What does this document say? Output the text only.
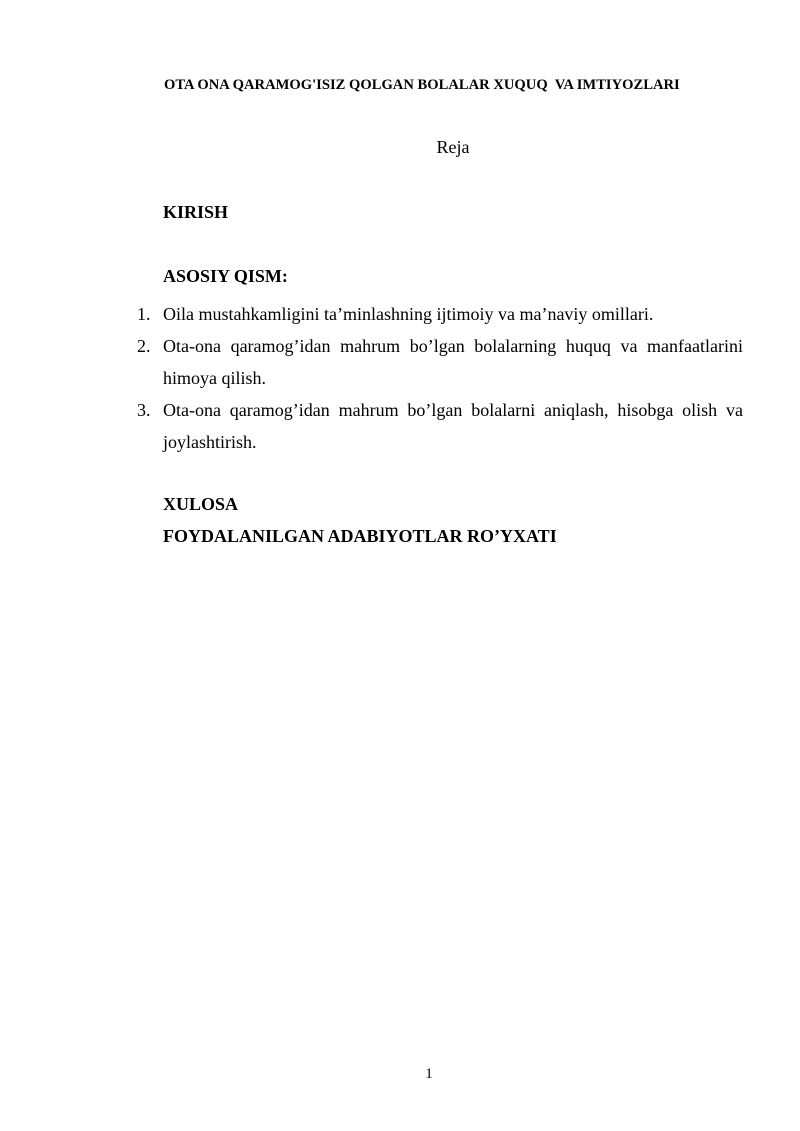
OTA ONA QARAMOG'ISIZ QOLGAN BOLALAR XUQUQ  VA IMTIYOZLARI
Reja
KIRISH
ASOSIY QISM:
1. Oila mustahkamligini ta’minlashning ijtimoiy va ma’naviy omillari.
2. Ota-ona qaramog’idan mahrum bo’lgan bolalarning huquq va manfaatlarini himoya qilish.
3. Ota-ona qaramog’idan mahrum bo’lgan bolalarni aniqlash, hisobga olish va joylashtirish.
XULOSA
FOYDALANILGAN ADABIYOTLAR RO’YXATI
1
